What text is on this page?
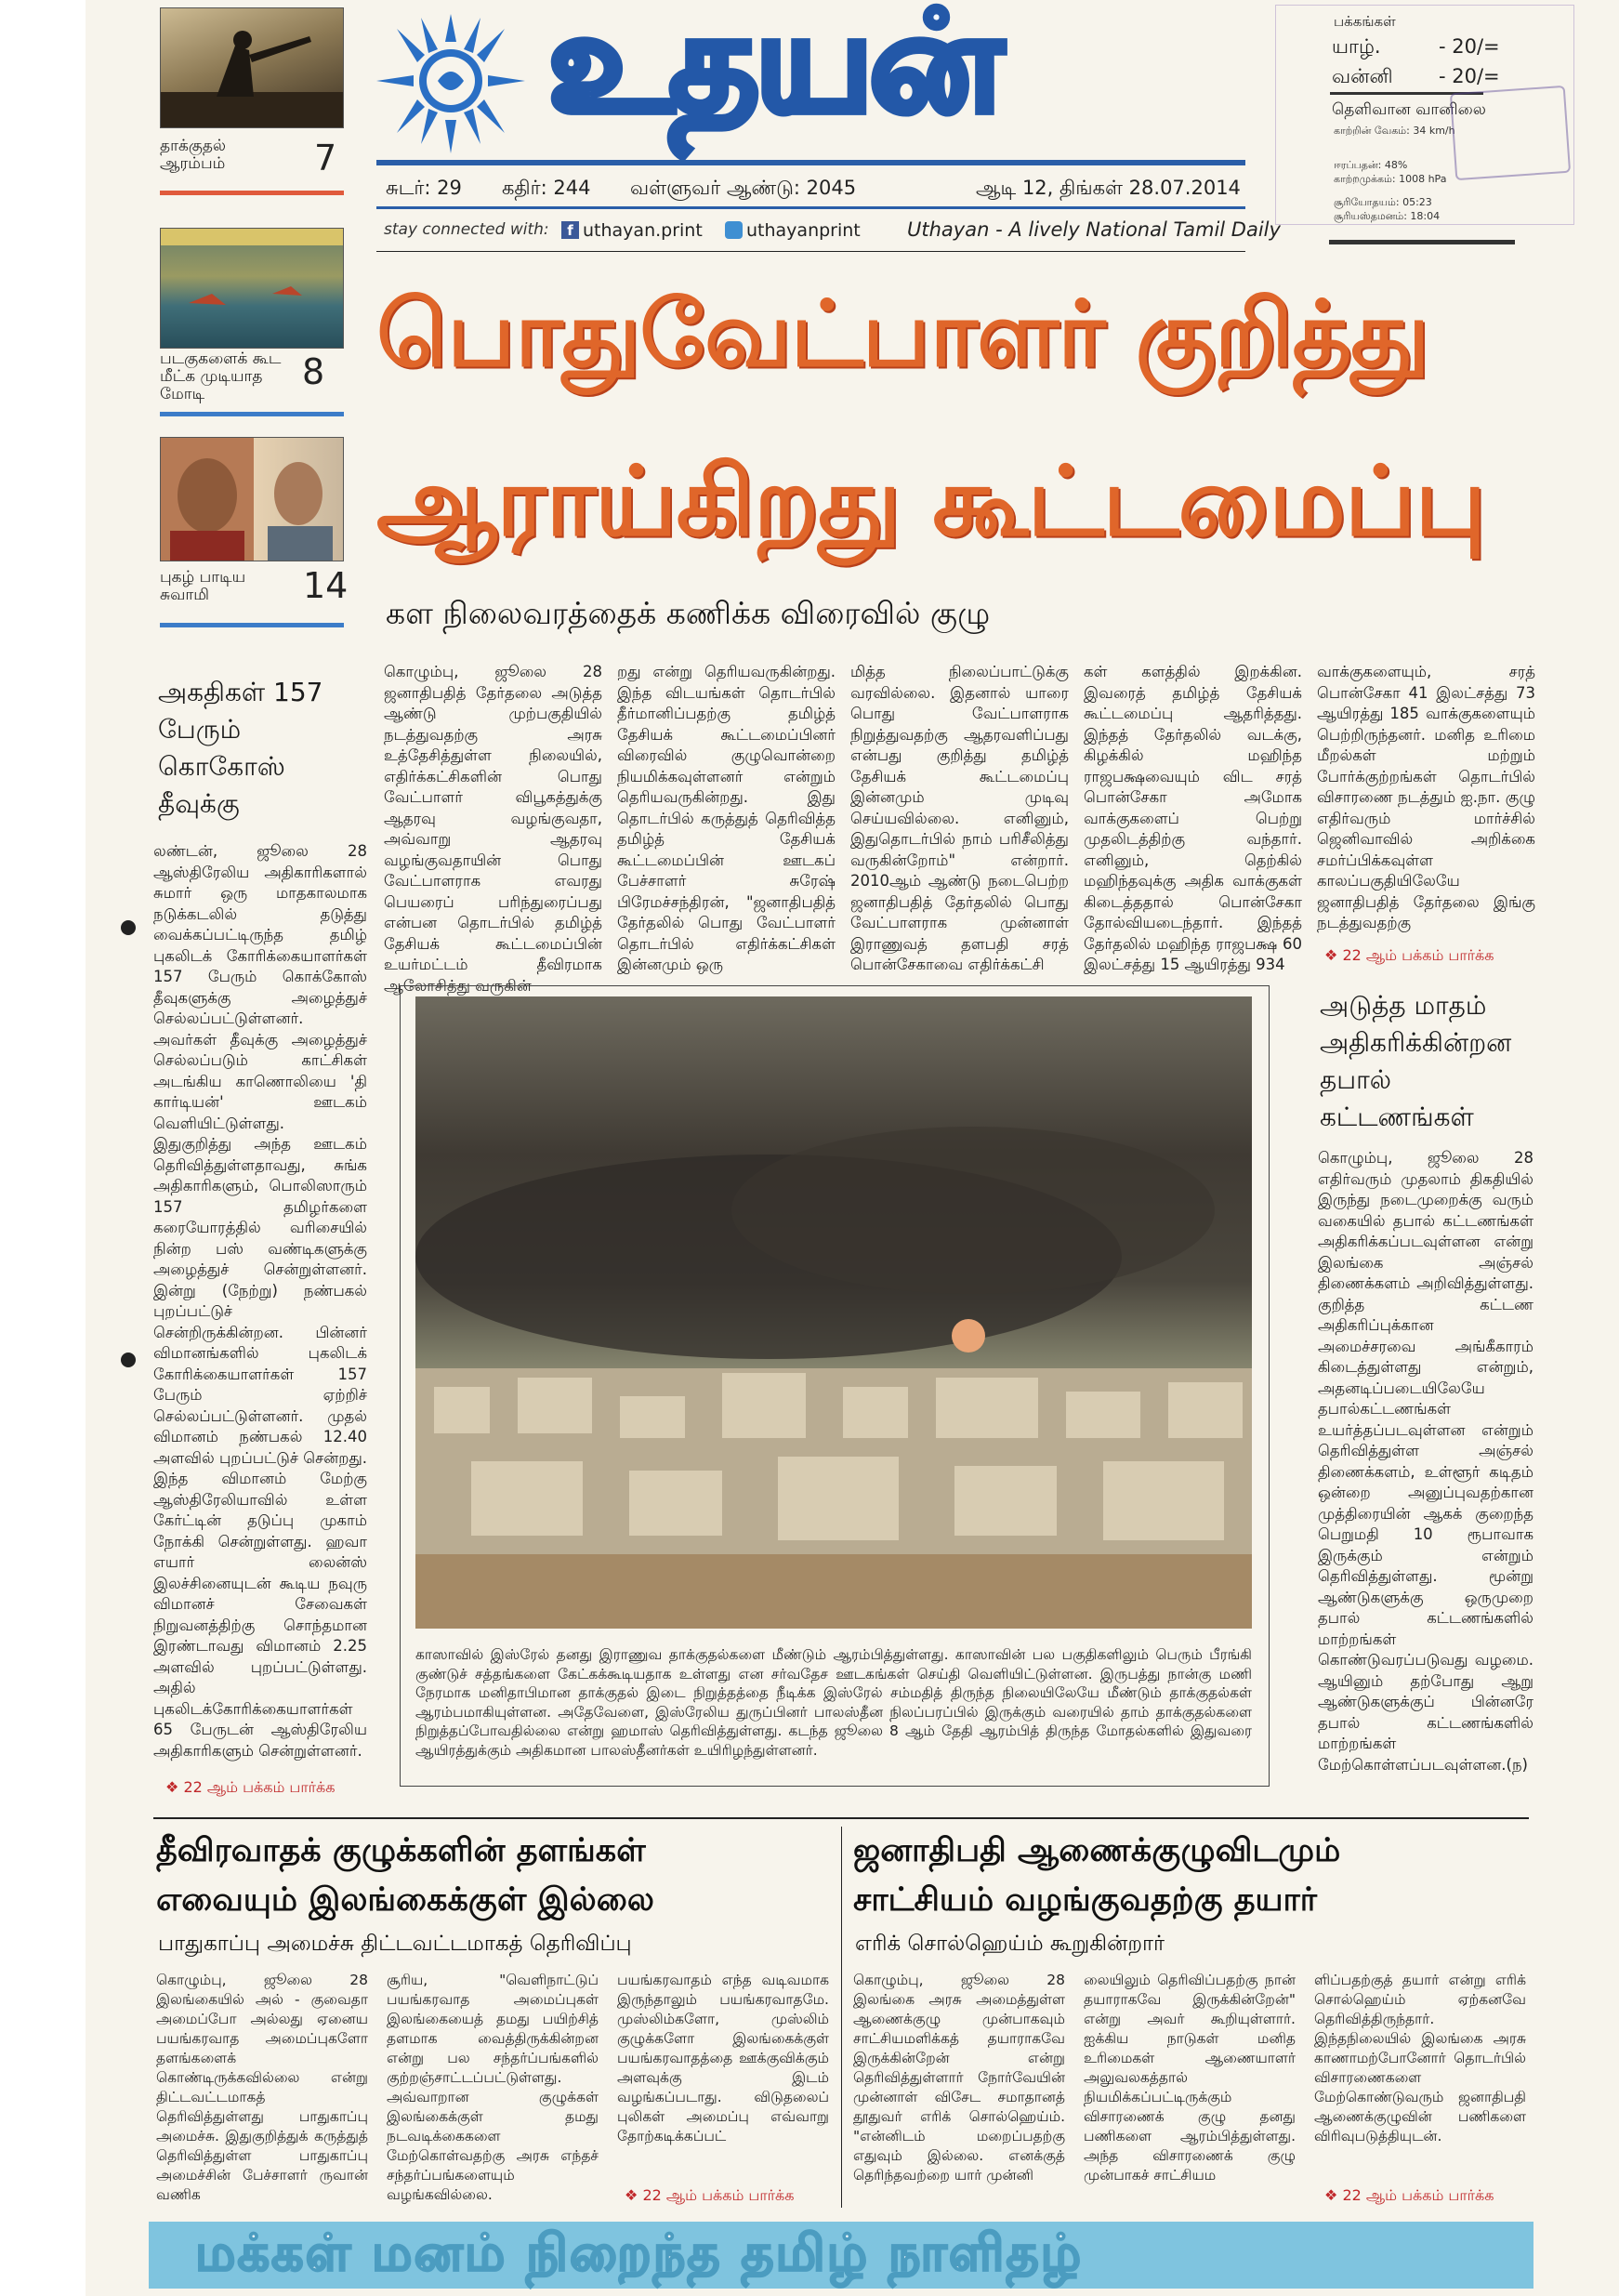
தாக்குதல் ஆரம்பம்	7
படகுகளைக் கூட மீட்க முடியாத மோடி
8
புகழ் பாடிய சுவாமி	14
உதயன்
சுடர்: 29 கதிர்: 244 வள்ளுவர் ஆண்டு: 2045	ஆடி 12, திங்கள் 28.07.2014
stay connected with:	f uthayan.print uthayanprint Uthayan - A lively National Tamil Daily
பக்கங்கள்
யாழ்.	- 20/=
வன்னி - 20/=
தெளிவான வானிலை
காற்றின் வேகம்: 34 km/h
ஈரப்பதன்: 48%
காற்றமுக்கம்: 1008 hPa
சூரியோதயம்: 05:23
சூரியஸ்தமனம்: 18:04
பொதுவேட்பாளர் குறித்து
ஆராய்கிறது கூட்டமைப்பு
கள நிலைவரத்தைக் கணிக்க விரைவில் குழு
கொழும்பு, ஜூலை 28 ஜனாதிபதித் தேர்தலை அடுத்த ஆண்டு முற்பகுதியில் நடத்துவதற்கு அரசு உத்தேசித்துள்ள நிலையில், எதிர்க்கட்சிகளின் பொது வேட்பாளர் விபூகத்துக்கு ஆதரவு வழங்குவதா, அவ்வாறு ஆதரவு வழங்குவதாயின் பொது வேட்பாளராக எவரது பெயரைப் பரிந்துரைப்பது என்பன தொடர்பில் தமிழ்த் தேசியக் கூட்டமைப்பின் உயர்மட்டம் தீவிரமாக ஆலோசித்து வருகின்
றது என்று தெரியவருகின்றது. இந்த விடயங்கள் தொடர்பில் தீர்மானிப்பதற்கு தமிழ்த் தேசியக் கூட்டமைப்பினர் விரைவில் குழுவொன்றை நியமிக்கவுள்ளனர் என்றும் தெரியவருகின்றது. இது தொடர்பில் கருத்துத் தெரிவித்த தமிழ்த் தேசியக் கூட்டமைப்பின் ஊடகப் பேச்சாளர் சுரேஷ் பிரேமச்சந்திரன், "ஜனாதிபதித் தேர்தலில் பொது வேட்பாளர் தொடர்பில் எதிர்க்கட்சிகள் இன்னமும் ஒரு
மித்த நிலைப்பாட்டுக்கு வரவில்லை. இதனால் யாரை பொது வேட்பாளராக நிறுத்துவதற்கு ஆதரவளிப்பது என்பது குறித்து தமிழ்த் தேசியக் கூட்டமைப்பு இன்னமும் முடிவு செய்யவில்லை. எனினும், இதுதொடர்பில் நாம் பரிசீலித்து வருகின்றோம்" என்றார். 2010ஆம் ஆண்டு நடைபெற்ற ஜனாதிபதித் தேர்தலில் பொது வேட்பாளராக முன்னாள் இராணுவத் தளபதி சரத் பொன்சேகாவை எதிர்க்கட்சி
கள் களத்தில் இறக்கின. இவரைத் தமிழ்த் தேசியக் கூட்டமைப்பு ஆதரித்தது. இந்தத் தேர்தலில் வடக்கு, கிழக்கில் மஹிந்த ராஜபக்ஷவையும் விட சரத் பொன்சேகா அமோக வாக்குகளைப் பெற்று முதலிடத்திற்கு வந்தார். எனினும், தெற்கில் மஹிந்தவுக்கு அதிக வாக்குகள் கிடைத்ததால் பொன்சேகா தோல்வியடைந்தார். இந்தத் தேர்தலில் மஹிந்த ராஜபக்ஷ 60 இலட்சத்து 15 ஆயிரத்து 934
வாக்குகளையும், சரத் பொன்சேகா 41 இலட்சத்து 73 ஆயிரத்து 185 வாக்குகளையும் பெற்றிருந்தனர். மனித உரிமை மீறல்கள் மற்றும் போர்க்குற்றங்கள் தொடர்பில் விசாரணை நடத்தும் ஐ.நா. குழு எதிர்வரும் மார்ச்சில் ஜெனிவாவில் அறிக்கை சமர்ப்பிக்கவுள்ள காலப்பகுதியிலேயே ஜனாதிபதித் தேர்தலை இங்கு நடத்துவதற்கு
❖ 22 ஆம் பக்கம் பார்க்க
அகதிகள் 157 பேரும் கொகோஸ் தீவுக்கு
லண்டன், ஜூலை 28 ஆஸ்திரேலிய அதிகாரிகளால் சுமார் ஒரு மாதகாலமாக நடுக்கடலில் தடுத்து வைக்கப்பட்டிருந்த தமிழ் புகலிடக் கோரிக்கையாளர்கள் 157 பேரும் கொக்கோஸ் தீவுகளுக்கு அழைத்துச் செல்லப்பட்டுள்ளனர். அவர்கள் தீவுக்கு அழைத்துச் செல்லப்படும் காட்சிகள் அடங்கிய காணொலியை 'தி கார்டியன்' ஊடகம் வெளியிட்டுள்ளது. இதுகுறித்து அந்த ஊடகம் தெரிவித்துள்ளதாவது, சுங்க அதிகாரிகளும், பொலிஸாரும் 157 தமிழர்களை கரையோரத்தில் வரிசையில் நின்ற பஸ் வண்டிகளுக்கு அழைத்துச் சென்றுள்ளனர். இன்று (நேற்று) நண்பகல் புறப்பட்டுச் சென்றிருக்கின்றன. பின்னர் விமானங்களில் புகலிடக் கோரிக்கையாளர்கள் 157 பேரும் ஏற்றிச் செல்லப்பட்டுள்ளனர். முதல் விமானம் நண்பகல் 12.40 அளவில் புறப்பட்டுச் சென்றது. இந்த விமானம் மேற்கு ஆஸ்திரேலியாவில் உள்ள கேர்ட்டின் தடுப்பு முகாம் நோக்கி சென்றுள்ளது. ஹவா எயார் லைன்ஸ் இலச்சினையுடன் கூடிய நவுரு விமானச் சேவைகள் நிறுவனத்திற்கு சொந்தமான இரண்டாவது விமானம் 2.25 அளவில் புறப்பட்டுள்ளது. அதில் புகலிடக்கோரிக்கையாளர்கள் 65 பேருடன் ஆஸ்திரேலிய அதிகாரிகளும் சென்றுள்ளனர்.
❖ 22 ஆம் பக்கம் பார்க்க
காஸாவில் இஸ்ரேல் தனது இராணுவ தாக்குதல்களை மீண்டும் ஆரம்பித்துள்ளது. காஸாவின் பல பகுதிகளிலும் பெரும் பீரங்கி குண்டுச் சத்தங்களை கேட்கக்கூடியதாக உள்ளது என சர்வதேச ஊடகங்கள் செய்தி வெளியிட்டுள்ளன. இருபத்து நான்கு மணி நேரமாக மனிதாபிமான தாக்குதல் இடை நிறுத்தத்தை நீடிக்க இஸ்ரேல் சம்மதித் திருந்த நிலையிலேயே மீண்டும் தாக்குதல்கள் ஆரம்பமாகியுள்ளன. அதேவேளை, இஸ்ரேலிய துருப்பினர் பாலஸ்தீன நிலப்பரப்பில் இருக்கும் வரையில் தாம் தாக்குதல்களை நிறுத்தப்போவதில்லை என்று ஹமாஸ் தெரிவித்துள்ளது. கடந்த ஜூலை 8 ஆம் தேதி ஆரம்பித் திருந்த மோதல்களில் இதுவரை ஆயிரத்துக்கும் அதிகமான பாலஸ்தீனர்கள் உயிரிழந்துள்ளனர்.
அடுத்த மாதம் அதிகரிக்கின்றன தபால் கட்டணங்கள்
கொழும்பு, ஜூலை 28 எதிர்வரும் முதலாம் திகதியில் இருந்து நடைமுறைக்கு வரும் வகையில் தபால் கட்டணங்கள் அதிகரிக்கப்படவுள்ளன என்று இலங்கை அஞ்சல் திணைக்களம் அறிவித்துள்ளது. குறித்த கட்டண அதிகரிப்புக்கான அமைச்சரவை அங்கீகாரம் கிடைத்துள்ளது என்றும், அதனடிப்படையிலேயே தபால்கட்டணங்கள் உயர்த்தப்படவுள்ளன என்றும் தெரிவித்துள்ள அஞ்சல் திணைக்களம், உள்ளூர் கடிதம் ஒன்றை அனுப்புவதற்கான முத்திரையின் ஆகக் குறைந்த பெறுமதி 10 ரூபாவாக இருக்கும் என்றும் தெரிவித்துள்ளது. மூன்று ஆண்டுகளுக்கு ஒருமுறை தபால் கட்டணங்களில் மாற்றங்கள் கொண்டுவரப்படுவது வழமை. ஆயினும் தற்போது ஆறு ஆண்டுகளுக்குப் பின்னரே தபால் கட்டணங்களில் மாற்றங்கள் மேற்கொள்ளப்படவுள்ளன.(ந)
தீவிரவாதக் குழுக்களின் தளங்கள்
எவையும் இலங்கைக்குள் இல்லை
பாதுகாப்பு அமைச்சு திட்டவட்டமாகத் தெரிவிப்பு
கொழும்பு, ஜூலை 28 இலங்கையில் அல் - குவைதா அமைப்போ அல்லது ஏனைய பயங்கரவாத அமைப்புகளோ தளங்களைக் கொண்டிருக்கவில்லை என்று திட்டவட்டமாகத் தெரிவித்துள்ளது பாதுகாப்பு அமைச்சு. இதுகுறித்துக் கருத்துத் தெரிவித்துள்ள பாதுகாப்பு அமைச்சின் பேச்சாளர் ருவான் வணிக
சூரிய, "வெளிநாட்டுப் பயங்கரவாத அமைப்புகள் இலங்கையைத் தமது பயிற்சித் தளமாக வைத்திருக்கின்றன என்று பல சந்தர்ப்பங்களில் குற்றஞ்சாட்டப்பட்டுள்ளது. அவ்வாறான குழுக்கள் இலங்கைக்குள் தமது நடவடிக்கைகளை மேற்கொள்வதற்கு அரசு எந்தச் சந்தர்ப்பங்களையும் வழங்கவில்லை.
பயங்கரவாதம் எந்த வடிவமாக இருந்தாலும் பயங்கரவாதமே. முஸ்லிம்களோ, முஸ்லிம் குழுக்களோ இலங்கைக்குள் பயங்கரவாதத்தை ஊக்குவிக்கும் அளவுக்கு இடம் வழங்கப்படாது. விடுதலைப் புலிகள் அமைப்பு எவ்வாறு தோற்கடிக்கப்பட்
❖ 22 ஆம் பக்கம் பார்க்க
ஜனாதிபதி ஆணைக்குழுவிடமும்
சாட்சியம் வழங்குவதற்கு தயார்
எரிக் சொல்ஹெய்ம் கூறுகின்றார்
கொழும்பு, ஜூலை 28 இலங்கை அரசு அமைத்துள்ள ஆணைக்குழு முன்பாகவும் சாட்சியமளிக்கத் தயாராகவே இருக்கின்றேன் என்று தெரிவித்துள்ளார் நோர்வேயின் முன்னாள் விசேட சமாதானத் தூதுவர் எரிக் சொல்ஹெய்ம். "என்னிடம் மறைப்பதற்கு எதுவும் இல்லை. எனக்குத் தெரிந்தவற்றை யார் முன்னி
லையிலும் தெரிவிப்பதற்கு நான் தயாராகவே இருக்கின்றேன்" என்று அவர் கூறியுள்ளார். ஐக்கிய நாடுகள் மனித உரிமைகள் ஆணையாளர் அலுவலகத்தால் நியமிக்கப்பட்டிருக்கும் விசாரணைக் குழு தனது பணிகளை ஆரம்பித்துள்ளது. அந்த விசாரணைக் குழு முன்பாகச் சாட்சியம
ளிப்பதற்குத் தயார் என்று எரிக் சொல்ஹெய்ம் ஏற்கனவே தெரிவித்திருந்தார். இந்தநிலையில் இலங்கை அரசு காணாமற்போனோர் தொடர்பில் விசாரணைகளை மேற்கொண்டுவரும் ஜனாதிபதி ஆணைக்குழுவின் பணிகளை விரிவுபடுத்தியுடன்.
❖ 22 ஆம் பக்கம் பார்க்க
மக்கள் மனம் நிறைந்த தமிழ் நாளிதழ்
